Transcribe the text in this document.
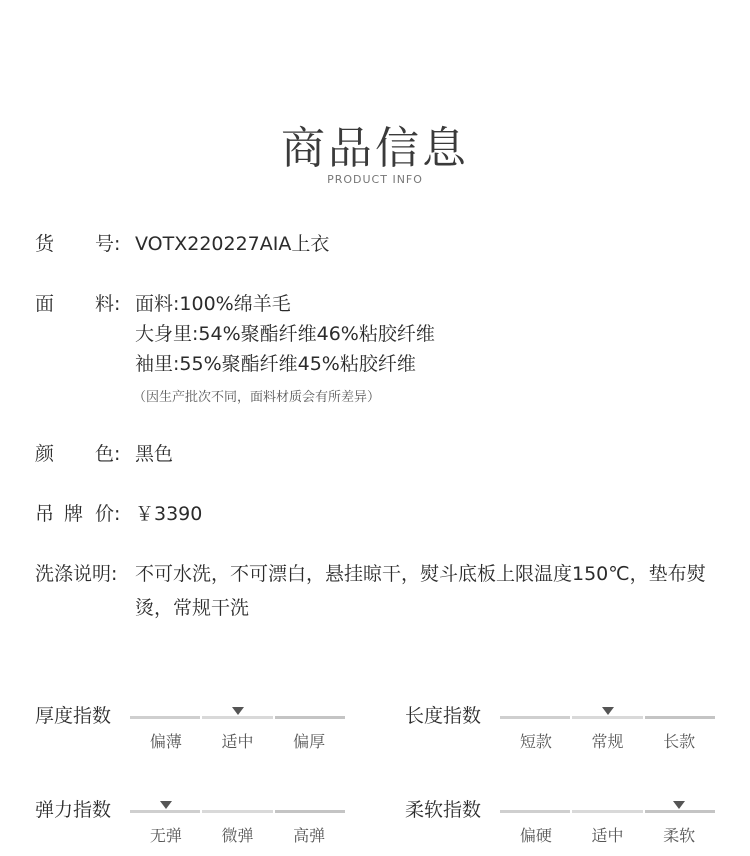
商品信息
PRODUCT INFO
货 号: VOTX220227AIA上衣
面 料: 面料:100%绵羊毛
大身里:54%聚酯纤维46%粘胶纤维
袖里:55%聚酯纤维45%粘胶纤维
（因生产批次不同，面料材质会有所差异）
颜 色: 黑色
吊 牌 价: ￥3390
洗涤说明: 不可水洗，不可漂白，悬挂晾干，熨斗底板上限温度150℃，垫布熨烫，常规干洗
厚度指数
偏薄	适中	偏厚
长度指数
短款	常规	长款
弹力指数
无弹	微弹	高弹
柔软指数
偏硬	适中	柔软
